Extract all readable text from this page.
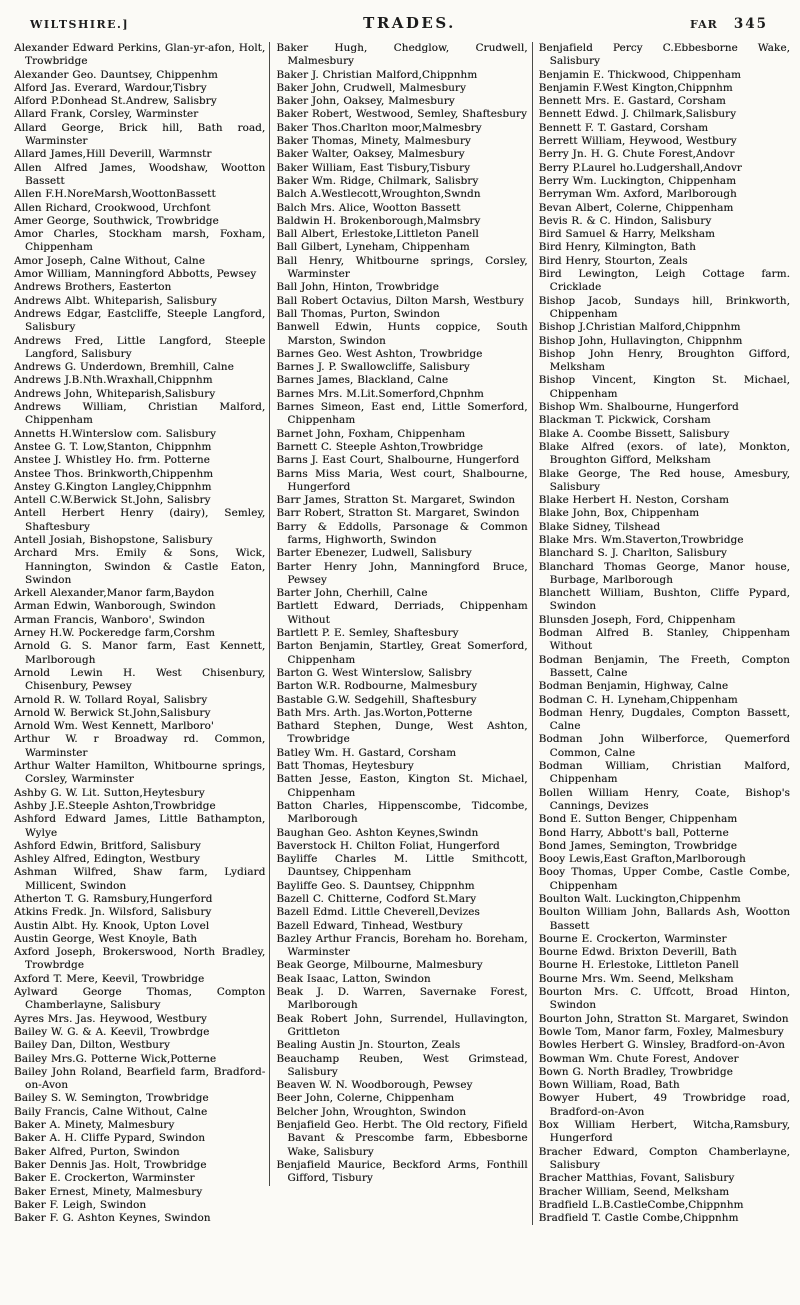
WILTSHIRE.]	TRADES.	FAR 345

Alexander Edward Perkins, Glan-yr-afon, Holt, Trowbridge

Alexander Geo. Dauntsey, Chippenhm

Alford Jas. Everard, Wardour,Tisbry

Alford P.Donhead St.Andrew, Salisbry

Allard Frank, Corsley, Warminster

Allard George, Brick hill, Bath road, Warminster

Allard James,Hill Deverill, Warmnstr

Allen Alfred James, Woodshaw, Wootton Bassett

Allen F.H.NoreMarsh,WoottonBassett

Allen Richard, Crookwood, Urchfont

Amer George, Southwick, Trowbridge

Amor Charles, Stockham marsh, Foxham, Chippenham

Amor Joseph, Calne Without, Calne

Amor William, Manningford Abbotts, Pewsey

Andrews Brothers, Easterton

Andrews Albt. Whiteparish, Salisbury

Andrews Edgar, Eastcliffe, Steeple Langford, Salisbury

Andrews Fred, Little Langford, Steeple Langford, Salisbury

Andrews G. Underdown, Bremhill, Calne

Andrews J.B.Nth.Wraxhall,Chippnhm

Andrews John, Whiteparish,Salisbury

Andrews William, Christian Malford, Chippenham

Annetts H.Winterslow com. Salisbury

Anstee G. T. Low,Stanton, Chippnhm

Anstee J. Whistley Ho. frm. Potterne

Anstee Thos. Brinkworth,Chippenhm

Anstey G.Kington Langley,Chippnhm

Antell C.W.Berwick St.John, Salisbry

Antell Herbert Henry (dairy), Semley, Shaftesbury

Antell Josiah, Bishopstone, Salisbury

Archard Mrs. Emily & Sons, Wick, Hannington, Swindon & Castle Eaton, Swindon

Arkell Alexander,Manor farm,Baydon

Arman Edwin, Wanborough, Swindon

Arman Francis, Wanboro', Swindon

Arney H.W. Pockeredge farm,Corshm

Arnold G. S. Manor farm, East Kennett, Marlborough

Arnold Lewin H. West Chisenbury, Chisenbury, Pewsey

Arnold R. W. Tollard Royal, Salisbry

Arnold W. Berwick St.John,Salisbury

Arnold Wm. West Kennett, Marlboro'

Arthur W. r Broadway rd. Common, Warminster

Arthur Walter Hamilton, Whitbourne springs, Corsley, Warminster

Ashby G. W. Lit. Sutton,Heytesbury

Ashby J.E.Steeple Ashton,Trowbridge

Ashford Edward James, Little Bathampton, Wylye

Ashford Edwin, Britford, Salisbury

Ashley Alfred, Edington, Westbury

Ashman Wilfred, Shaw farm, Lydiard Millicent, Swindon

Atherton T. G. Ramsbury,Hungerford

Atkins Fredk. Jn. Wilsford, Salisbury

Austin Albt. Hy. Knook, Upton Lovel

Austin George, West Knoyle, Bath

Axford Joseph, Brokerswood, North Bradley, Trowbrdge

Axford T. Mere, Keevil, Trowbridge

Aylward George Thomas, Compton Chamberlayne, Salisbury

Ayres Mrs. Jas. Heywood, Westbury

Bailey W. G. & A. Keevil, Trowbrdge

Bailey Dan, Dilton, Westbury

Bailey Mrs.G. Potterne Wick,Potterne

Bailey John Roland, Bearfield farm, Bradford-on-Avon

Bailey S. W. Semington, Trowbridge

Baily Francis, Calne Without, Calne

Baker A. Minety, Malmesbury

Baker A. H. Cliffe Pypard, Swindon

Baker Alfred, Purton, Swindon

Baker Dennis Jas. Holt, Trowbridge

Baker E. Crockerton, Warminster

Baker Ernest, Minety, Malmesbury

Baker F. Leigh, Swindon

Baker F. G. Ashton Keynes, Swindon

Baker Hugh, Chedglow, Crudwell, Malmesbury

Baker J. Christian Malford,Chippnhm

Baker John, Crudwell, Malmesbury

Baker John, Oaksey, Malmesbury

Baker Robert, Westwood, Semley, Shaftesbury

Baker Thos.Charlton moor,Malmesbry

Baker Thomas, Minety, Malmesbury

Baker Walter, Oaksey, Malmesbury

Baker William, East Tisbury,Tisbury

Baker Wm. Ridge, Chilmark, Salisbry

Balch A.Westlecott,Wroughton,Swndn

Balch Mrs. Alice, Wootton Bassett

Baldwin H. Brokenborough,Malmsbry

Ball Albert, Erlestoke,Littleton Panell

Ball Gilbert, Lyneham, Chippenham

Ball Henry, Whitbourne springs, Corsley, Warminster

Ball John, Hinton, Trowbridge

Ball Robert Octavius, Dilton Marsh, Westbury

Ball Thomas, Purton, Swindon

Banwell Edwin, Hunts coppice, South Marston, Swindon

Barnes Geo. West Ashton, Trowbridge

Barnes J. P. Swallowcliffe, Salisbury

Barnes James, Blackland, Calne

Barnes Mrs. M.Lit.Somerford,Chpnhm

Barnes Simeon, East end, Little Somerford, Chippenham

Barnet John, Foxham, Chippenham

Barnett C. Steeple Ashton,Trowbridge

Barns J. East Court, Shalbourne, Hungerford

Barns Miss Maria, West court, Shalbourne, Hungerford

Barr James, Stratton St. Margaret, Swindon

Barr Robert, Stratton St. Margaret, Swindon

Barry & Eddolls, Parsonage & Common farms, Highworth, Swindon

Barter Ebenezer, Ludwell, Salisbury

Barter Henry John, Manningford Bruce, Pewsey

Barter John, Cherhill, Calne

Bartlett Edward, Derriads, Chippenham Without

Bartlett P. E. Semley, Shaftesbury

Barton Benjamin, Startley, Great Somerford, Chippenham

Barton G. West Winterslow, Salisbry

Barton W.R. Rodbourne, Malmesbury

Bastable G.W. Sedgehill, Shaftesbury

Bath Mrs. Arth. Jas.Worton,Potterne

Bathard Stephen, Dunge, West Ashton, Trowbridge

Batley Wm. H. Gastard, Corsham

Batt Thomas, Heytesbury

Batten Jesse, Easton, Kington St. Michael, Chippenham

Batton Charles, Hippenscombe, Tidcombe, Marlborough

Baughan Geo. Ashton Keynes,Swindn

Baverstock H. Chilton Foliat, Hungerford

Bayliffe Charles M. Little Smithcott, Dauntsey, Chippenham

Bayliffe Geo. S. Dauntsey, Chippnhm

Bazell C. Chitterne, Codford St.Mary

Bazell Edmd. Little Cheverell,Devizes

Bazell Edward, Tinhead, Westbury

Bazley Arthur Francis, Boreham ho. Boreham, Warminster

Beak George, Milbourne, Malmesbury

Beak Isaac, Latton, Swindon

Beak J. D. Warren, Savernake Forest, Marlborough

Beak Robert John, Surrendel, Hullavington, Grittleton

Bealing Austin Jn. Stourton, Zeals

Beauchamp Reuben, West Grimstead, Salisbury

Beaven W. N. Woodborough, Pewsey

Beer John, Colerne, Chippenham

Belcher John, Wroughton, Swindon

Benjafield Geo. Herbt. The Old rectory, Fifield Bavant & Prescombe farm, Ebbesborne Wake, Salisbury

Benjafield Maurice, Beckford Arms, Fonthill Gifford, Tisbury

Benjafield Percy C.Ebbesborne Wake, Salisbury

Benjamin E. Thickwood, Chippenham

Benjamin F.West Kington,Chippnhm

Bennett Mrs. E. Gastard, Corsham

Bennett Edwd. J. Chilmark,Salisbury

Bennett F. T. Gastard, Corsham

Berrett William, Heywood, Westbury

Berry Jn. H. G. Chute Forest,Andovr

Berry P.Laurel ho.Ludgershall,Andovr

Berry Wm. Luckington, Chippenham

Berryman Wm. Axford, Marlborough

Bevan Albert, Colerne, Chippenham

Bevis R. & C. Hindon, Salisbury

Bird Samuel & Harry, Melksham

Bird Henry, Kilmington, Bath

Bird Henry, Stourton, Zeals

Bird Lewington, Leigh Cottage farm. Cricklade

Bishop Jacob, Sundays hill, Brinkworth, Chippenham

Bishop J.Christian Malford,Chippnhm

Bishop John, Hullavington, Chippnhm

Bishop John Henry, Broughton Gifford, Melksham

Bishop Vincent, Kington St. Michael, Chippenham

Bishop Wm. Shalbourne, Hungerford

Blackman T. Pickwick, Corsham

Blake A. Coombe Bissett, Salisbury

Blake Alfred (exors. of late), Monkton, Broughton Gifford, Melksham

Blake George, The Red house, Amesbury, Salisbury

Blake Herbert H. Neston, Corsham

Blake John, Box, Chippenham

Blake Sidney, Tilshead

Blake Mrs. Wm.Staverton,Trowbridge

Blanchard S. J. Charlton, Salisbury

Blanchard Thomas George, Manor house, Burbage, Marlborough

Blanchett William, Bushton, Cliffe Pypard, Swindon

Blunsden Joseph, Ford, Chippenham

Bodman Alfred B. Stanley, Chippenham Without

Bodman Benjamin, The Freeth, Compton Bassett, Calne

Bodman Benjamin, Highway, Calne

Bodman C. H. Lyneham,Chippenham

Bodman Henry, Dugdales, Compton Bassett, Calne

Bodman John Wilberforce, Quemerford Common, Calne

Bodman William, Christian Malford, Chippenham

Bollen William Henry, Coate, Bishop's Cannings, Devizes

Bond E. Sutton Benger, Chippenham

Bond Harry, Abbott's ball, Potterne

Bond James, Semington, Trowbridge

Booy Lewis,East Grafton,Marlborough

Booy Thomas, Upper Combe, Castle Combe, Chippenham

Boulton Walt. Luckington,Chippenhm

Boulton William John, Ballards Ash, Wootton Bassett

Bourne E. Crockerton, Warminster

Bourne Edwd. Brixton Deverill, Bath

Bourne H. Erlestoke, Littleton Panell

Bourne Mrs. Wm. Seend, Melksham

Bourton Mrs. C. Uffcott, Broad Hinton, Swindon

Bourton John, Stratton St. Margaret, Swindon

Bowle Tom, Manor farm, Foxley, Malmesbury

Bowles Herbert G. Winsley, Bradford-on-Avon

Bowman Wm. Chute Forest, Andover

Bown G. North Bradley, Trowbridge

Bown William, Road, Bath

Bowyer Hubert, 49 Trowbridge road, Bradford-on-Avon

Box William Herbert, Witcha,Ramsbury, Hungerford

Bracher Edward, Compton Chamberlayne, Salisbury

Bracher Matthias, Fovant, Salisbury

Bracher William, Seend, Melksham

Bradfield L.B.CastleCombe,Chippnhm

Bradfield T. Castle Combe,Chippnhm
